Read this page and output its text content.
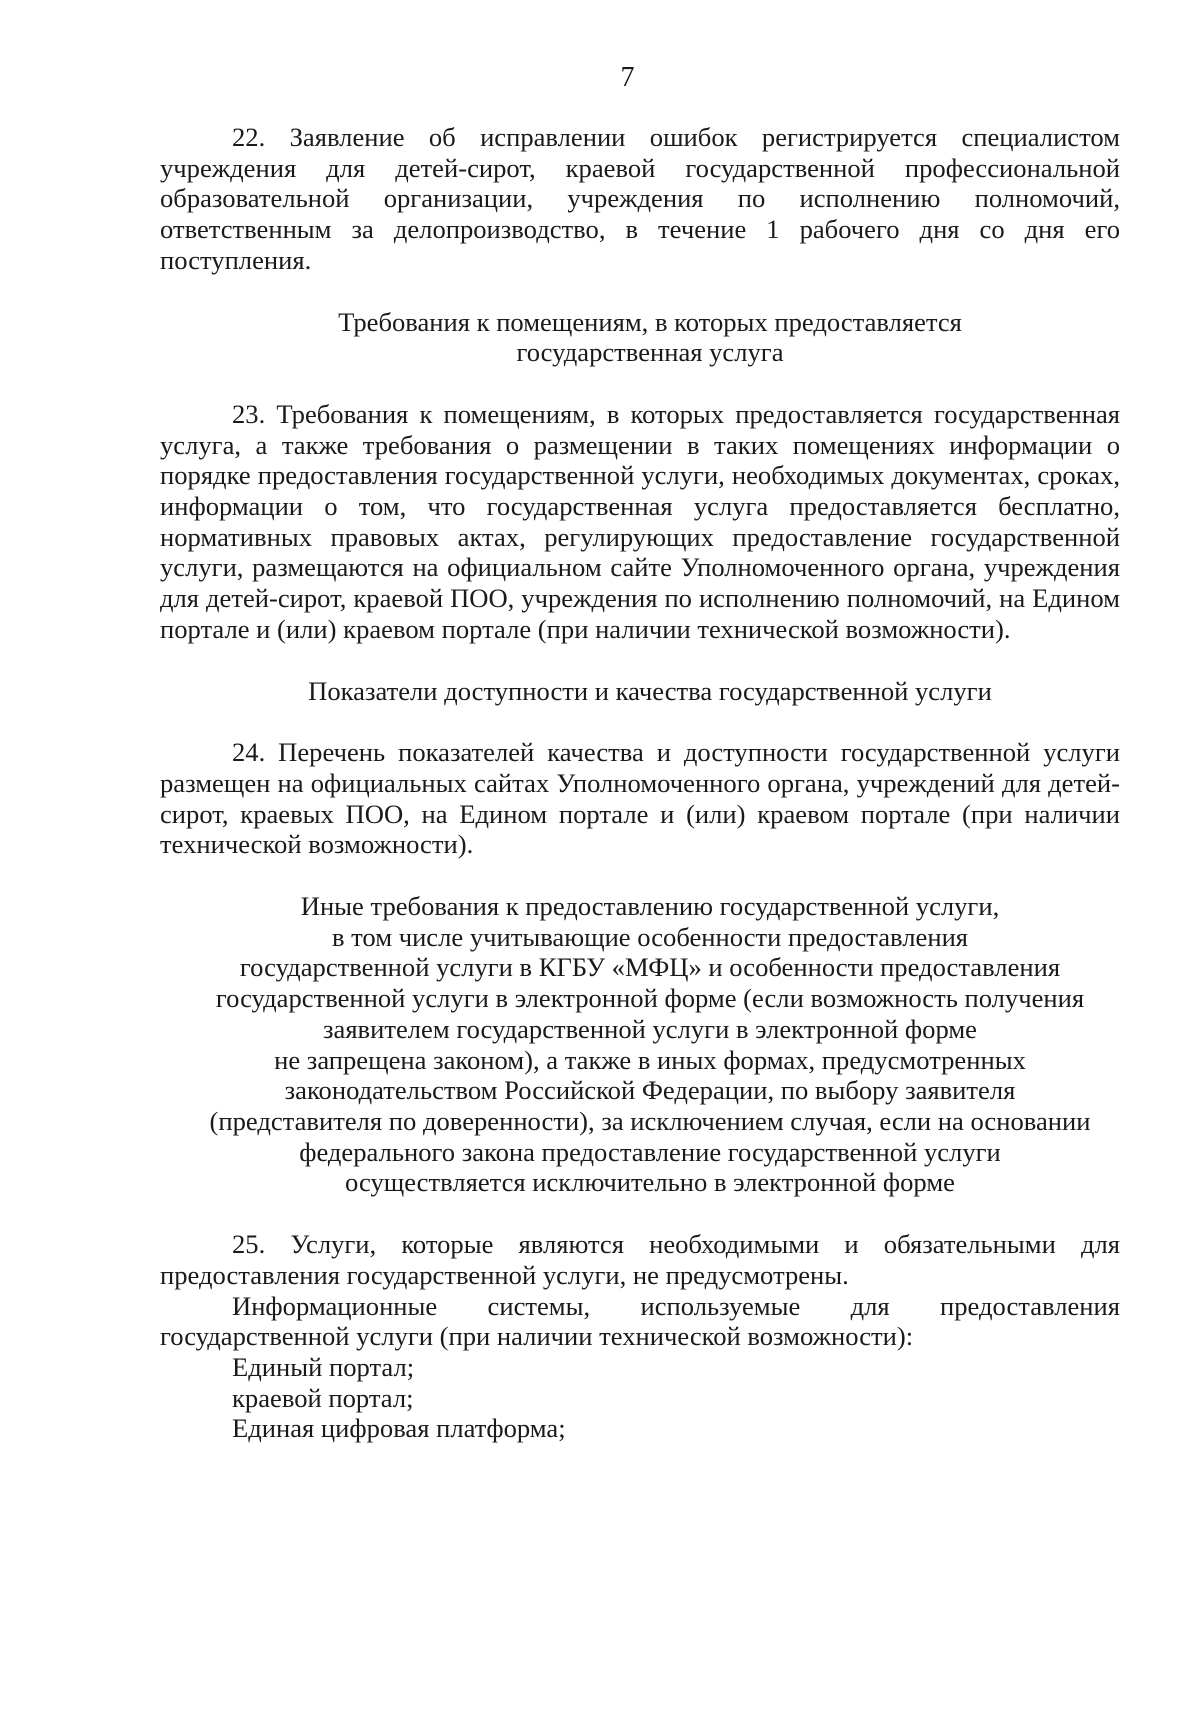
7

22. Заявление об исправлении ошибок регистрируется специалистом учреждения для детей-сирот, краевой государственной профессиональной образовательной организации, учреждения по исполнению полномочий, ответственным за делопроизводство, в течение 1 рабочего дня со дня его поступления.

Требования к помещениям, в которых предоставляется
государственная услуга

23. Требования к помещениям, в которых предоставляется государственная услуга, а также требования о размещении в таких помещениях информации о порядке предоставления государственной услуги, необходимых документах, сроках, информации о том, что государственная услуга предоставляется бесплатно, нормативных правовых актах, регулирующих предоставление государственной услуги, размещаются на официальном сайте Уполномоченного органа, учреждения для детей-сирот, краевой ПОО, учреждения по исполнению полномочий, на Едином портале и (или) краевом портале (при наличии технической возможности).

Показатели доступности и качества государственной услуги

24. Перечень показателей качества и доступности государственной услуги размещен на официальных сайтах Уполномоченного органа, учреждений для детей-сирот, краевых ПОО, на Едином портале и (или) краевом портале (при наличии технической возможности).

Иные требования к предоставлению государственной услуги,
в том числе учитывающие особенности предоставления
государственной услуги в КГБУ «МФЦ» и особенности предоставления
государственной услуги в электронной форме (если возможность получения
заявителем государственной услуги в электронной форме
не запрещена законом), а также в иных формах, предусмотренных
законодательством Российской Федерации, по выбору заявителя
(представителя по доверенности), за исключением случая, если на основании
федерального закона предоставление государственной услуги
осуществляется исключительно в электронной форме

25. Услуги, которые являются необходимыми и обязательными для предоставления государственной услуги, не предусмотрены.

Информационные системы, используемые для предоставления государственной услуги (при наличии технической возможности):

Единый портал;

краевой портал;

Единая цифровая платформа;
